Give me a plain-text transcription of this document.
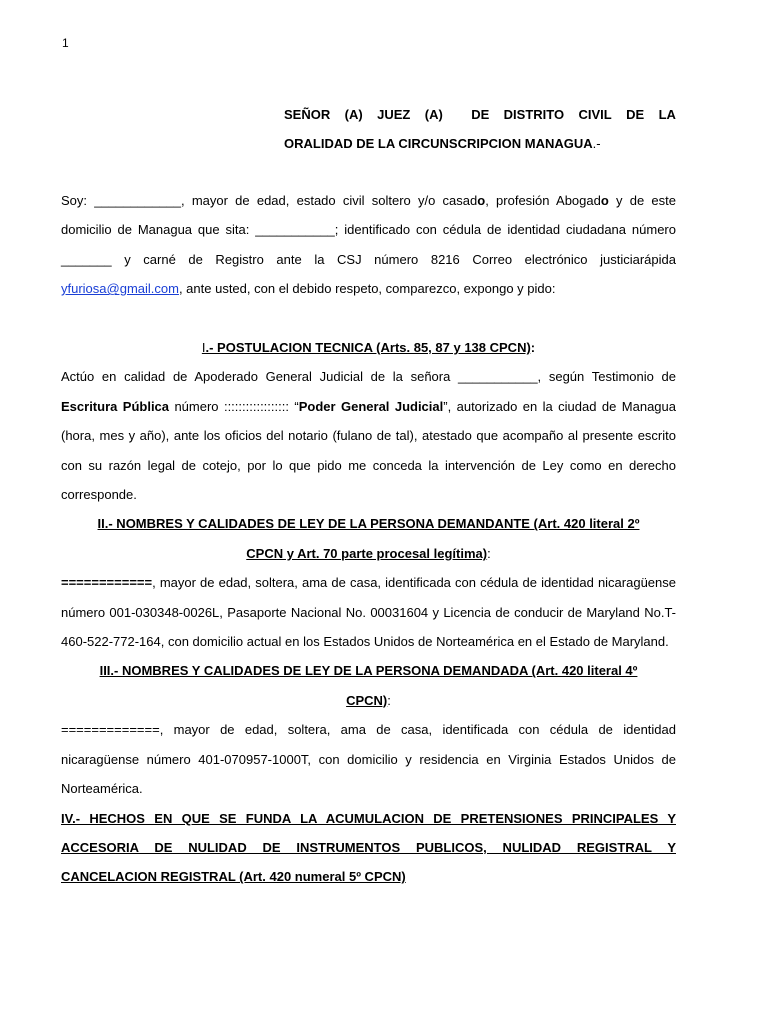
1
SEÑOR (A) JUEZ (A) DE DISTRITO CIVIL DE LA
ORALIDAD DE LA CIRCUNSCRIPCION MANAGUA.-

Soy: ____________, mayor de edad, estado civil soltero y/o casado, profesión Abogado y de este domicilio de Managua que sita: ___________; identificado con cédula de identidad ciudadana número _______ y carné de Registro ante la CSJ número 8216 Correo electrónico justiciarápida yfuriosa@gmail.com, ante usted, con el debido respeto, comparezco, expongo y pido:

I.- POSTULACION TECNICA (Arts. 85, 87 y 138 CPCN):

Actúo en calidad de Apoderado General Judicial de la señora ___________, según Testimonio de Escritura Pública número :::::::::::::::::: “Poder General Judicial”, autorizado en la ciudad de Managua (hora, mes y año), ante los oficios del notario (fulano de tal), atestado que acompaño al presente escrito con su razón legal de cotejo, por lo que pido me conceda la intervención de Ley como en derecho corresponde.

II.- NOMBRES Y CALIDADES DE LEY DE LA PERSONA DEMANDANTE (Art. 420 literal 2º

CPCN y Art. 70 parte procesal legítima):

============, mayor de edad, soltera, ama de casa, identificada con cédula de identidad nicaragüense número 001-030348-0026L, Pasaporte Nacional No. 00031604 y Licencia de conducir de Maryland No.T-460-522-772-164, con domicilio actual en los Estados Unidos de Norteamérica en el Estado de Maryland.

III.- NOMBRES Y CALIDADES DE LEY DE LA PERSONA DEMANDADA (Art. 420 literal 4º

CPCN):

=============, mayor de edad, soltera, ama de casa, identificada con cédula de identidad nicaragüense número 401-070957-1000T, con domicilio y residencia en Virginia Estados Unidos de Norteamérica.

IV.- HECHOS EN QUE SE FUNDA LA ACUMULACION DE PRETENSIONES PRINCIPALES Y

ACCESORIA DE NULIDAD DE INSTRUMENTOS PUBLICOS, NULIDAD REGISTRAL Y

CANCELACION REGISTRAL (Art. 420 numeral 5º CPCN)
